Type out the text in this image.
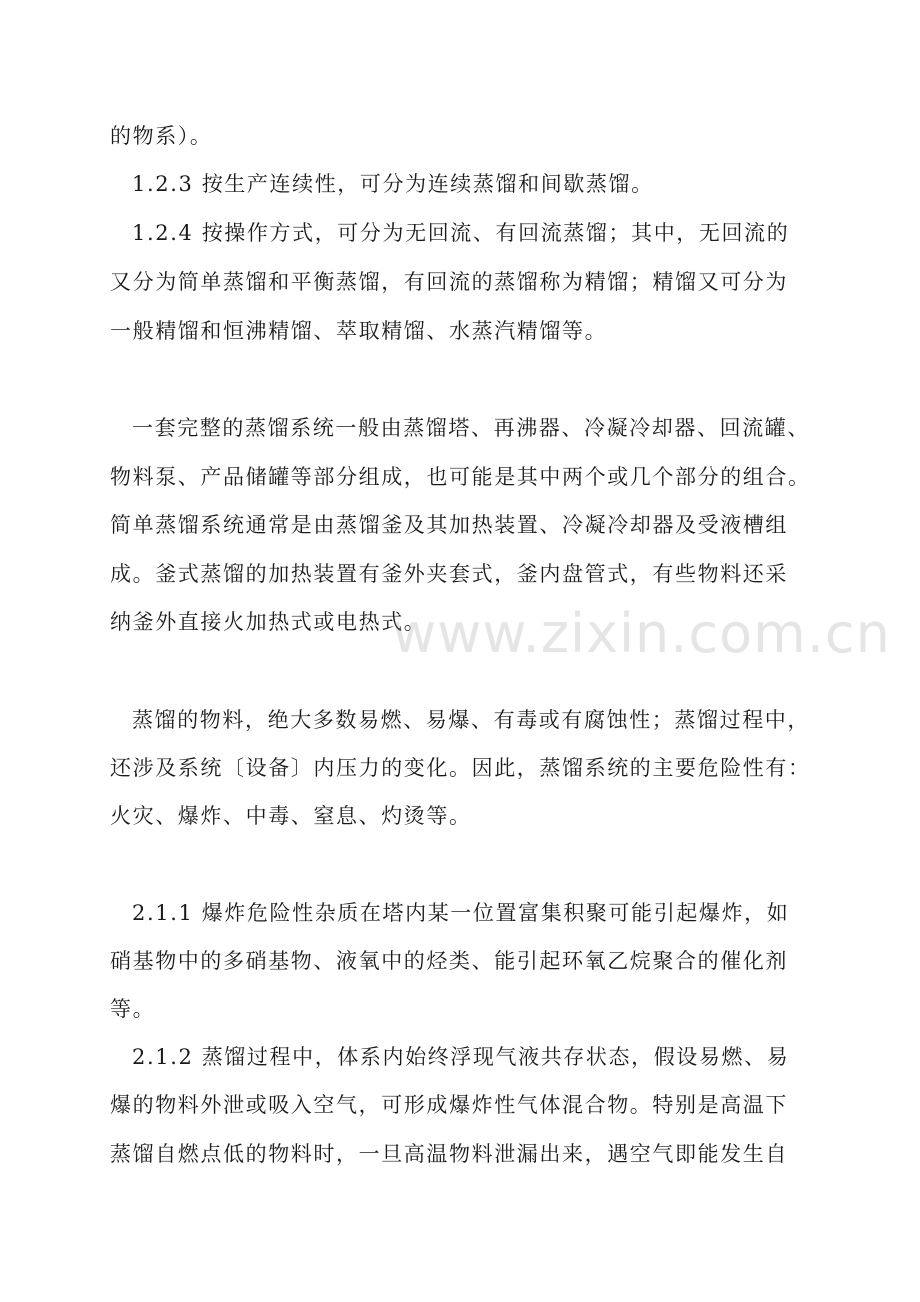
的物系）。
1.2.3 按生产连续性，可分为连续蒸馏和间歇蒸馏。
1.2.4 按操作方式，可分为无回流、有回流蒸馏；其中，无回流的
又分为简单蒸馏和平衡蒸馏，有回流的蒸馏称为精馏；精馏又可分为
一般精馏和恒沸精馏、萃取精馏、水蒸汽精馏等。
一套完整的蒸馏系统一般由蒸馏塔、再沸器、冷凝冷却器、回流罐、
物料泵、产品储罐等部分组成，也可能是其中两个或几个部分的组合。
简单蒸馏系统通常是由蒸馏釜及其加热装置、冷凝冷却器及受液槽组
成。釜式蒸馏的加热装置有釜外夹套式，釜内盘管式，有些物料还采
纳釜外直接火加热式或电热式。
蒸馏的物料，绝大多数易燃、易爆、有毒或有腐蚀性；蒸馏过程中，
还涉及系统〔设备〕内压力的变化。因此，蒸馏系统的主要危险性有：
火灾、爆炸、中毒、窒息、灼烫等。
2.1.1 爆炸危险性杂质在塔内某一位置富集积聚可能引起爆炸，如
硝基物中的多硝基物、液氧中的烃类、能引起环氧乙烷聚合的催化剂
等。
2.1.2 蒸馏过程中，体系内始终浮现气液共存状态，假设易燃、易
爆的物料外泄或吸入空气，可形成爆炸性气体混合物。特别是高温下
蒸馏自燃点低的物料时，一旦高温物料泄漏出来，遇空气即能发生自
www.zixin.com.cn
